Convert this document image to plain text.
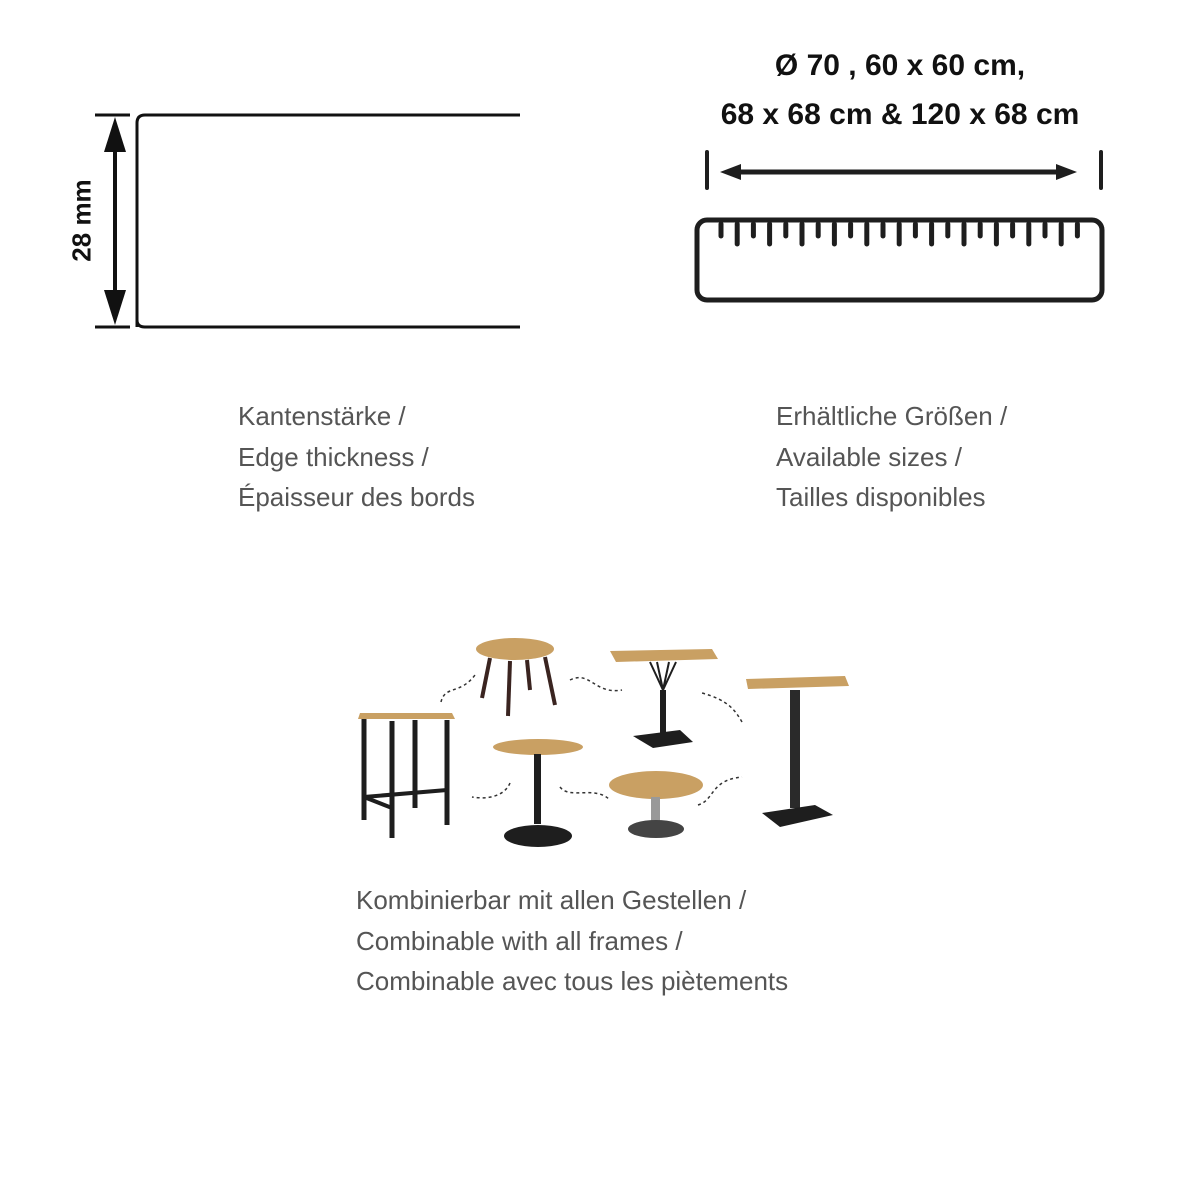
28 mm
Ø 70 , 60 x 60 cm,
68 x 68 cm & 120 x 68 cm
Kantenstärke /
Edge thickness /
Épaisseur des bords
Erhältliche Größen /
Available sizes /
Tailles disponibles
Kombinierbar mit allen Gestellen /
Combinable with all frames /
Combinable avec tous les piètements
